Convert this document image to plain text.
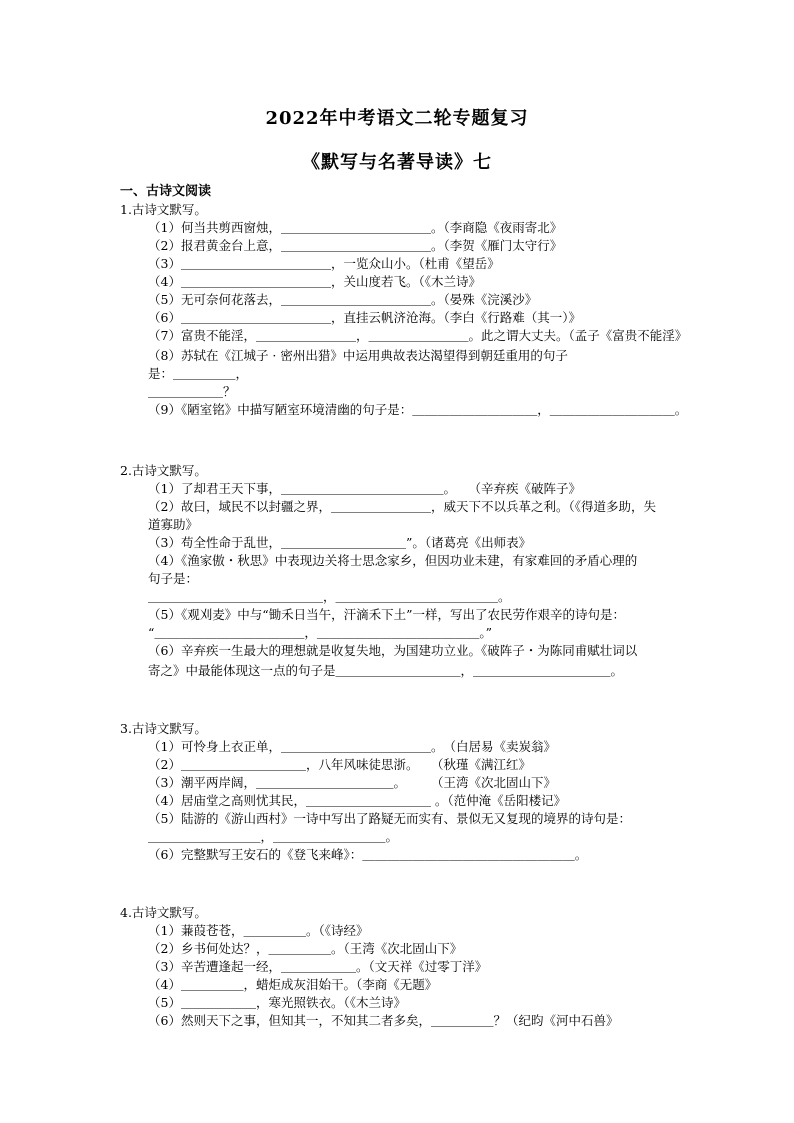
2022年中考语文二轮专题复习
《默写与名著导读》七
一、古诗文阅读
1.古诗文默写。
（1）何当共剪西窗烛，＿＿＿＿＿＿＿＿＿＿＿＿。（李商隐《夜雨寄北》
（2）报君黄金台上意，＿＿＿＿＿＿＿＿＿＿＿＿。（李贺《雁门太守行》
（3）＿＿＿＿＿＿＿＿＿＿＿＿，一览众山小。（杜甫《望岳》
（4）＿＿＿＿＿＿＿＿＿＿＿＿，关山度若飞。（《木兰诗》
（5）无可奈何花落去，＿＿＿＿＿＿＿＿＿＿＿＿。（晏殊《浣溪沙》
（6）＿＿＿＿＿＿＿＿＿＿＿＿，直挂云帆济沧海。（李白《行路难（其一）》
（7）富贵不能淫，＿＿＿＿＿＿＿＿，＿＿＿＿＿＿＿＿。此之谓大丈夫。（孟子《富贵不能淫》
（8）苏轼在《江城子 · 密州出猎》中运用典故表达渴望得到朝廷重用的句子
是：＿＿＿＿＿，
＿＿＿＿＿＿？
（9）《陋室铭》中描写陋室环境清幽的句子是：＿＿＿＿＿＿＿＿＿＿，＿＿＿＿＿＿＿＿＿＿。
2.古诗文默写。
（1）了却君王天下事，＿＿＿＿＿＿＿＿＿＿＿＿＿。　　（辛弃疾《破阵子》
（2）故曰，域民不以封疆之界，＿＿＿＿＿＿＿＿，威天下不以兵革之利。（《得道多助，失
道寡助》
（3）苟全性命于乱世，＿＿＿＿＿＿＿＿＿＿”。（诸葛亮《出师表》
（4）《渔家傲・秋思》中表现边关将士思念家乡，但因功业未建，有家难回的矛盾心理的
句子是：
＿＿＿＿＿＿＿＿＿＿＿＿＿＿，＿＿＿＿＿＿＿＿＿＿＿＿＿。
（5）《观刈麦》中与“锄禾日当午，汗滴禾下土”一样，写出了农民劳作艰辛的诗句是：
“＿＿＿＿＿＿＿＿＿＿＿＿，＿＿＿＿＿＿＿＿＿＿＿＿＿。”
（6）辛弃疾一生最大的理想就是收复失地，为国建功立业。《破阵子・为陈同甫赋壮词以
寄之》中最能体现这一点的句子是＿＿＿＿＿＿＿＿＿＿，＿＿＿＿＿＿＿＿＿＿＿。
3.古诗文默写。
（1）可怜身上衣正单，＿＿＿＿＿＿＿＿＿＿＿＿。　（白居易《卖炭翁》
（2）＿＿＿＿＿＿＿＿＿＿，八年风味徒思浙。　　（秋瑾《满江红》
（3）潮平两岸阔，＿＿＿＿＿＿＿＿＿＿＿。　　　（王湾《次北固山下》
（4）居庙堂之高则忧其民，＿＿＿＿＿＿＿＿＿＿ 。（范仲淹《岳阳楼记》
（5）陆游的《游山西村》一诗中写出了路疑无而实有、景似无又复现的境界的诗句是：
＿＿＿＿＿＿＿＿＿，＿＿＿＿＿＿＿＿＿。
（6）完整默写王安石的《登飞来峰》：＿＿＿＿＿＿＿＿＿＿＿＿＿＿＿＿＿。
4.古诗文默写。
（1）蒹葭苍苍，＿＿＿＿＿。（《诗经》
（2）乡书何处达？，＿＿＿＿＿。（王湾《次北固山下》
（3）辛苦遭逢起一经，＿＿＿＿＿＿。（文天祥《过零丁洋》
（4）＿＿＿＿＿，蜡炬成灰泪始干。（李商《无题》
（5）＿＿＿＿＿＿，寒光照铁衣。（《木兰诗》
（6）然则天下之事，但知其一，不知其二者多矣，＿＿＿＿＿？（纪昀《河中石兽》
